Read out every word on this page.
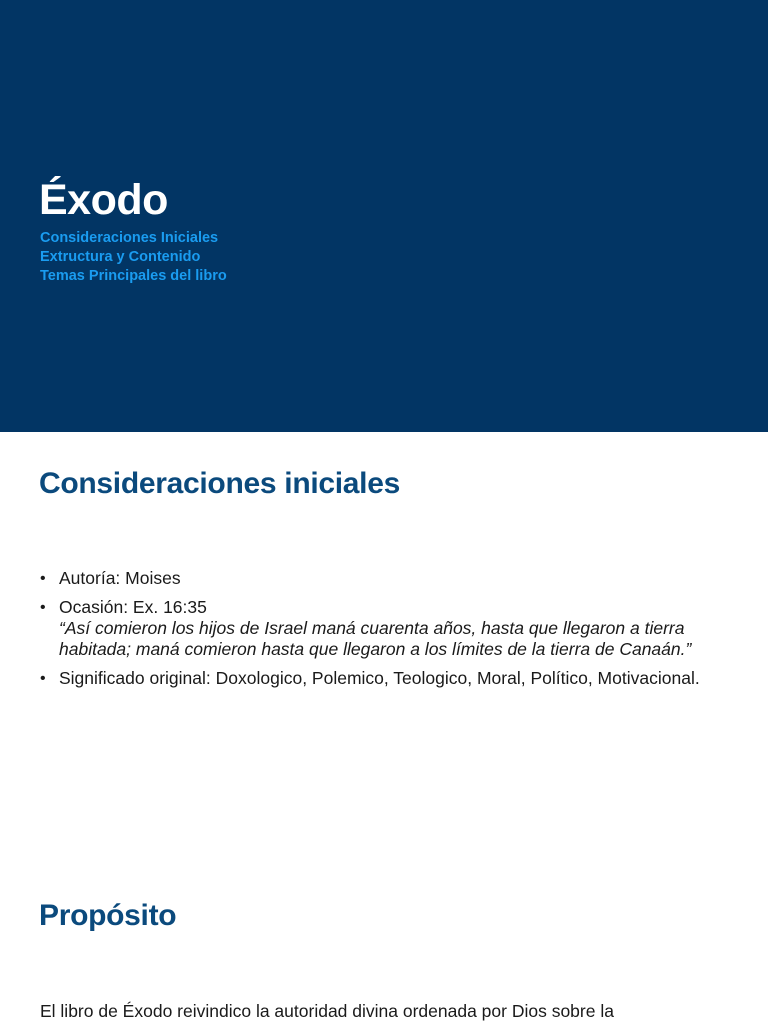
Éxodo
Consideraciones Iniciales
Extructura y Contenido
Temas Principales del libro
Consideraciones iniciales
• Autoría: Moises
• Ocasión: Ex. 16:35
“Así comieron los hijos de Israel maná cuarenta años, hasta que llegaron a tierra habitada; maná comieron hasta que llegaron a los límites de la tierra de Canaán.”
• Significado original: Doxologico, Polemico, Teologico, Moral, Político, Motivacional.
Propósito

El libro de Éxodo reivindico la autoridad divina ordenada por Dios sobre la
